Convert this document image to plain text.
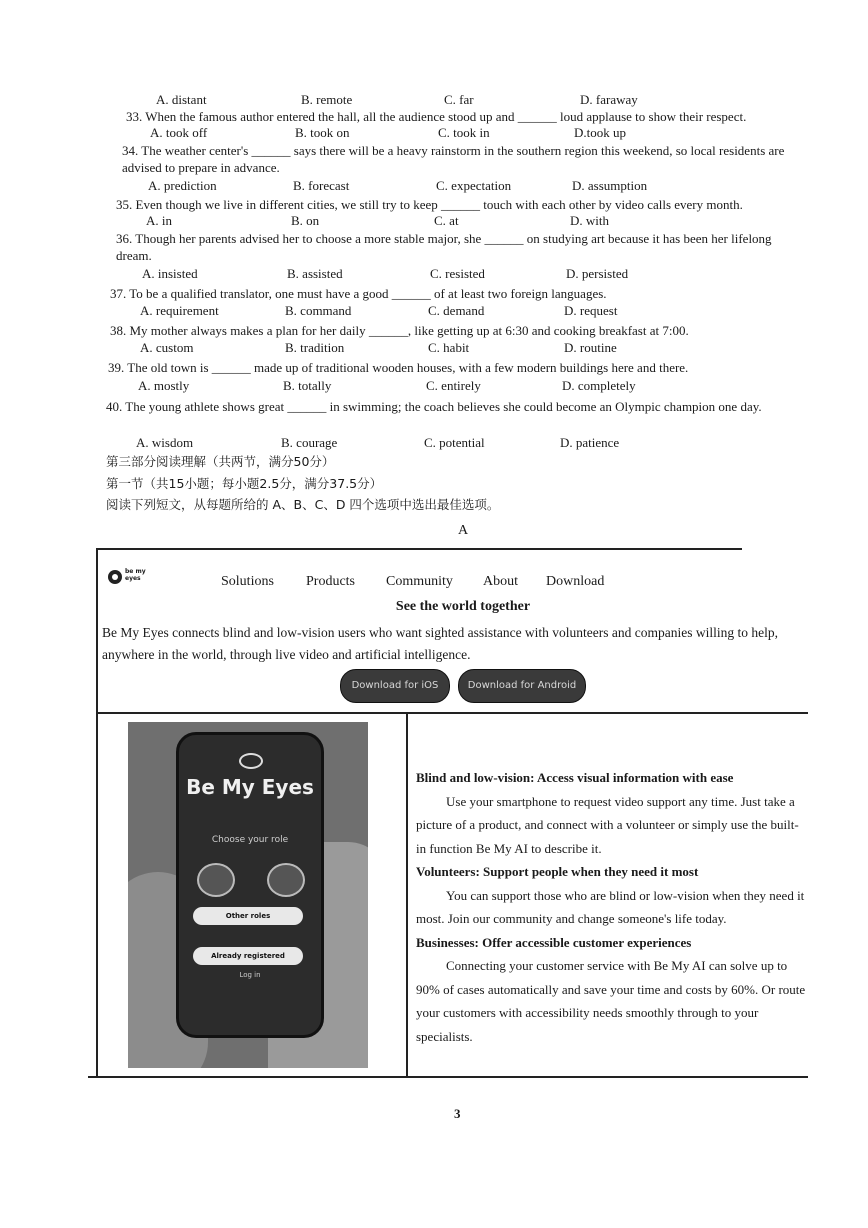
A. distant	B. remote	C. far	D. faraway
33. When the famous author entered the hall, all the audience stood up and ______ loud applause to show their respect.
A. took off	B. took on	C. took in	D.took up
34. The weather center's ______ says there will be a heavy rainstorm in the southern region this weekend, so local residents are advised to prepare in advance.
A. prediction	B. forecast	C. expectation	D. assumption
35. Even though we live in different cities, we still try to keep ______ touch with each other by video calls every month.
A. in	B. on	C. at	D. with
36. Though her parents advised her to choose a more stable major, she ______ on studying art because it has been her lifelong dream.
A. insisted	B. assisted	C. resisted	D. persisted
37. To be a qualified translator, one must have a good ______ of at least two foreign languages.
A. requirement	B. command	C. demand	D. request
38. My mother always makes a plan for her daily ______, like getting up at 6:30 and cooking breakfast at 7:00.
A. custom	B. tradition	C. habit	D. routine
39. The old town is ______ made up of traditional wooden houses, with a few modern buildings here and there.
A. mostly	B. totally	C. entirely	D. completely
40. The young athlete shows great ______ in swimming; the coach believes she could become an Olympic champion one day.
A. wisdom	B. courage	C. potential	D. patience
第三部分阅读理解（共两节，满分50分）
第一节（共15小题；每小题2.5分，满分37.5分）
阅读下列短文，从每题所给的 A、B、C、D 四个选项中选出最佳选项。
A
be my eyes	Solutions Products Community About Download
See the world together
Be My Eyes connects blind and low-vision users who want sighted assistance with volunteers and companies willing to help, anywhere in the world, through live video and artificial intelligence.
Download for iOS	Download for Android
Be My Eyes
Choose your role
Other roles
Already registered
Log in

Blind and low-vision: Access visual information with ease

Use your smartphone to request video support any time. Just take a picture of a product, and connect with a volunteer or simply use the built-in function Be My AI to describe it.

Volunteers: Support people when they need it most

You can support those who are blind or low-vision when they need it most. Join our community and change someone's life today.

Businesses: Offer accessible customer experiences

Connecting your customer service with Be My AI can solve up to 90% of cases automatically and save your time and costs by 60%. Or route your customers with accessibility needs smoothly through to your specialists.

3
